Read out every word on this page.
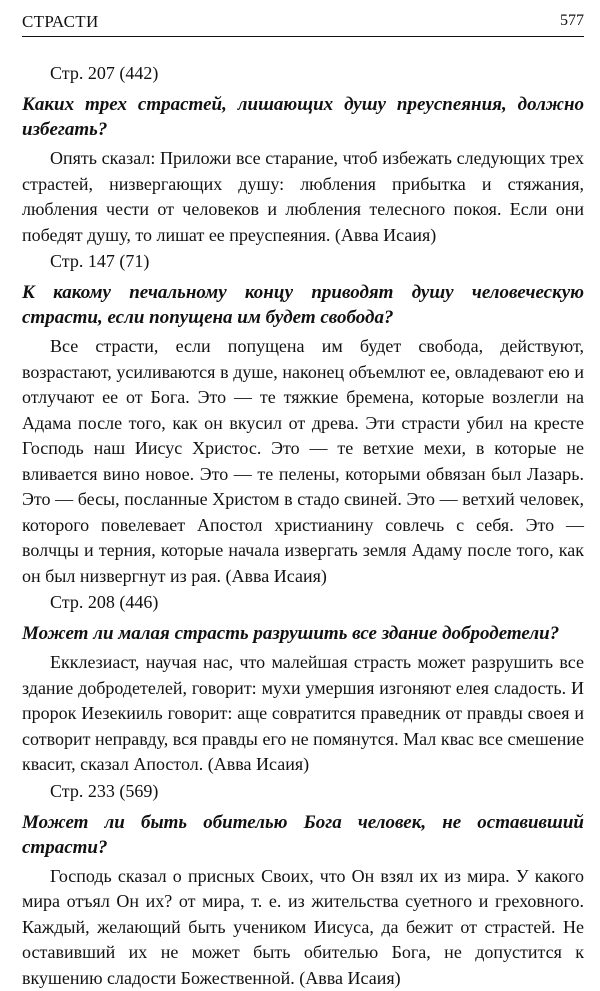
СТРАСТИ	577

Стр. 207 (442)

Каких трех страстей, лишающих душу преуспеяния, должно избегать?

Опять сказал: Приложи все старание, чтоб избежать следующих трех страстей, низвергающих душу: любления прибытка и стяжания, любления чести от человеков и любления телесного покоя. Если они победят душу, то лишат ее преуспеяния. (Авва Исаия)

Стр. 147 (71)

К какому печальному концу приводят душу человеческую страсти, если попущена им будет свобода?

Все страсти, если попущена им будет свобода, действуют, возрастают, усиливаются в душе, наконец объемлют ее, овладевают ею и отлучают ее от Бога. Это — те тяжкие бремена, которые возлегли на Адама после того, как он вкусил от древа. Эти страсти убил на кресте Господь наш Иисус Христос. Это — те ветхие мехи, в которые не вливается вино новое. Это — те пелены, которыми обвязан был Лазарь. Это — бесы, посланные Христом в стадо свиней. Это — ветхий человек, которого повелевает Апостол христианину совлечь с себя. Это — волчцы и терния, которые начала извергать земля Адаму после того, как он был низвергнут из рая. (Авва Исаия)

Стр. 208 (446)

Может ли малая страсть разрушить все здание добродетели?

Екклезиаст, научая нас, что малейшая страсть может разрушить все здание добродетелей, говорит: мухи умершия изгоняют елея сладость. И пророк Иезекииль говорит: аще совратится праведник от правды своея и сотворит неправду, вся правды его не помянутся. Мал квас все смешение квасит, сказал Апостол. (Авва Исаия)

Стр. 233 (569)

Может ли быть обителью Бога человек, не оставивший страсти?

Господь сказал о присных Своих, что Он взял их из мира. У какого мира отъял Он их? от мира, т. е. из жительства суетного и греховного. Каждый, желающий быть учеником Иисуса, да бежит от страстей. Не оставивший их не может быть обителью Бога, не допустится к вкушению сладости Божественной. (Авва Исаия)
